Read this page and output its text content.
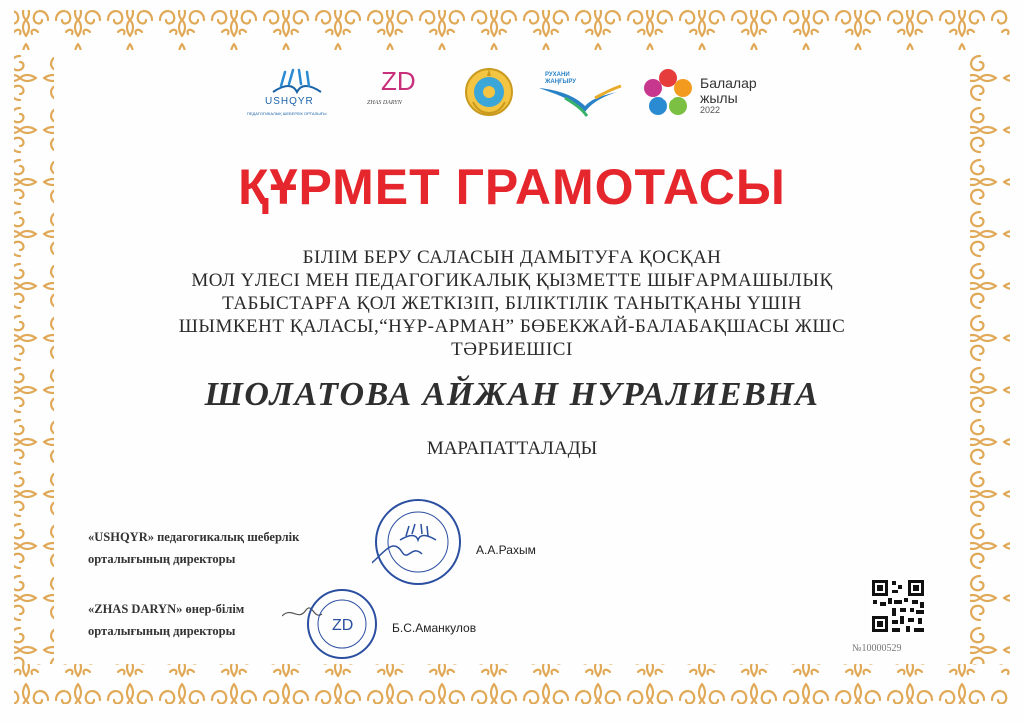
USHQYR
ПЕДАГОГИКАЛЫҚ ШЕБЕРЛІК ОРТАЛЫҒЫ
ZD
ZHAS DARYN
РУХАНИ
ЖАҢҒЫРУ	Балалар
жылы
2022
ҚҰРМЕТ ГРАМОТАСЫ
БІЛІМ БЕРУ САЛАСЫН ДАМЫТУҒА ҚОСҚАН
МОЛ ҮЛЕСІ МЕН ПЕДАГОГИКАЛЫҚ ҚЫЗМЕТТЕ ШЫҒАРМАШЫЛЫҚ
ТАБЫСТАРҒА ҚОЛ ЖЕТКІЗІП, БІЛІКТІЛІК ТАНЫТҚАНЫ ҮШІН
ШЫМКЕНТ ҚАЛАСЫ,“НҰР-АРМАН” БӨБЕКЖАЙ-БАЛАБАҚШАСЫ ЖШС
ТӘРБИЕШІСІ
ШОЛАТОВА АЙЖАН НУРАЛИЕВНА
МАРАПАТТАЛАДЫ
«USHQYR» педагогикалық шеберлік
орталығының директоры
А.А.Рахым
«ZHAS DARYN» өнер-білім
орталығының директоры	ZD	Б.С.Аманкулов
№10000529
